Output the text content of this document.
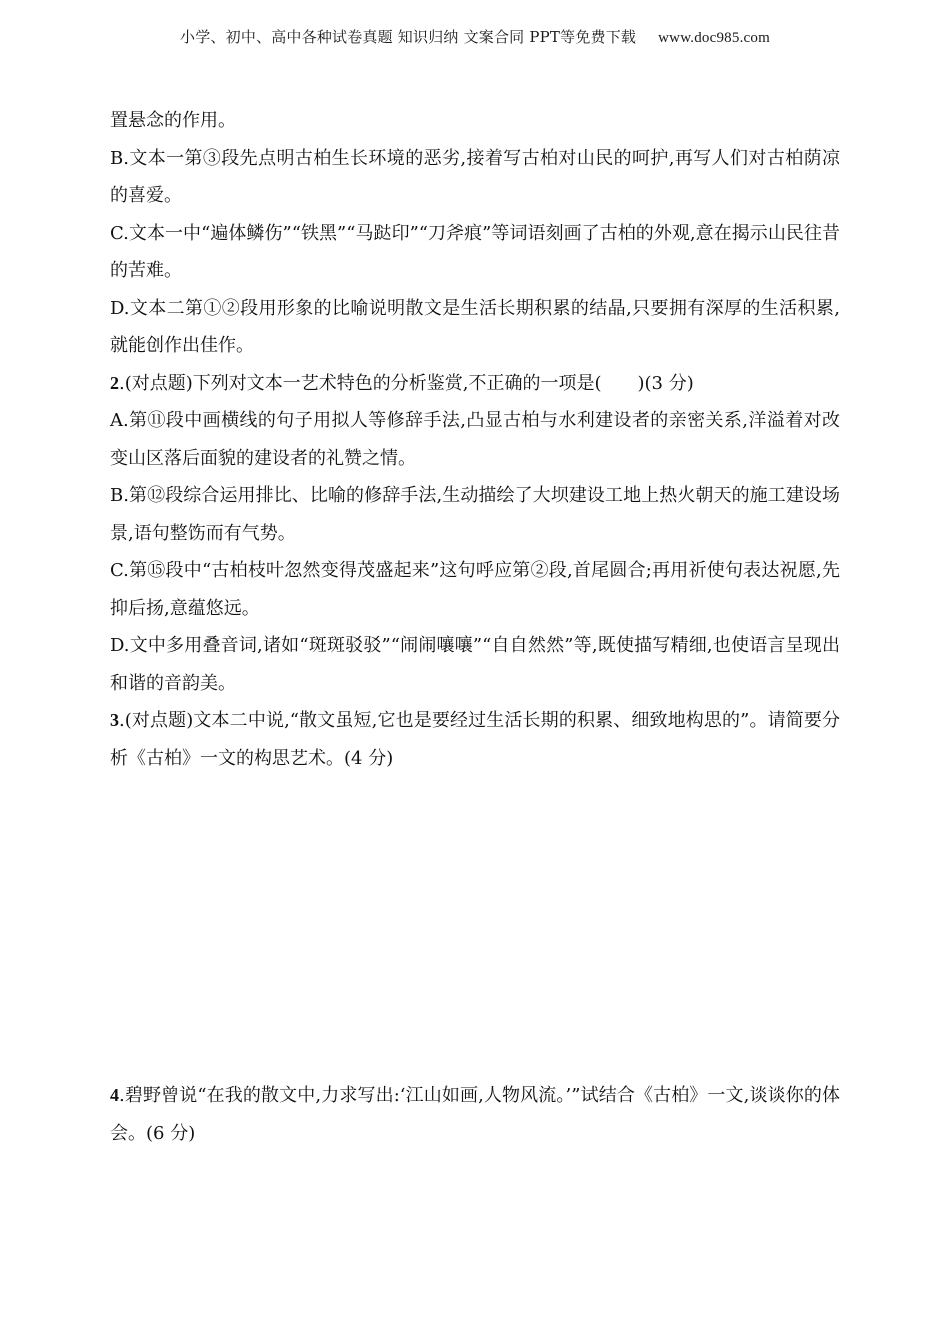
小学、初中、高中各种试卷真题 知识归纳 文案合同 PPT等免费下载 www.doc985.com
置悬念的作用。
B.文本一第③段先点明古柏生长环境的恶劣,接着写古柏对山民的呵护,再写人们对古柏荫凉的喜爱。
C.文本一中“遍体鳞伤”“铁黑”“马跶印”“刀斧痕”等词语刻画了古柏的外观,意在揭示山民往昔的苦难。
D.文本二第①②段用形象的比喻说明散文是生活长期积累的结晶,只要拥有深厚的生活积累,就能创作出佳作。
2.(对点题)下列对文本一艺术特色的分析鉴赏,不正确的一项是(　　)(3 分)
A.第⑪段中画横线的句子用拟人等修辞手法,凸显古柏与水利建设者的亲密关系,洋溢着对改变山区落后面貌的建设者的礼赞之情。
B.第⑫段综合运用排比、比喻的修辞手法,生动描绘了大坝建设工地上热火朝天的施工建设场景,语句整饬而有气势。
C.第⑮段中“古柏枝叶忽然变得茂盛起来”这句呼应第②段,首尾圆合;再用祈使句表达祝愿,先抑后扬,意蕴悠远。
D.文中多用叠音词,诸如“斑斑驳驳”“闹闹嚷嚷”“自自然然”等,既使描写精细,也使语言呈现出和谐的音韵美。
3.(对点题)文本二中说,“散文虽短,它也是要经过生活长期的积累、细致地构思的”。请简要分析《古柏》一文的构思艺术。(4 分)
4.碧野曾说“在我的散文中,力求写出:‘江山如画,人物风流。’”试结合《古柏》一文,谈谈你的体会。(6 分)
